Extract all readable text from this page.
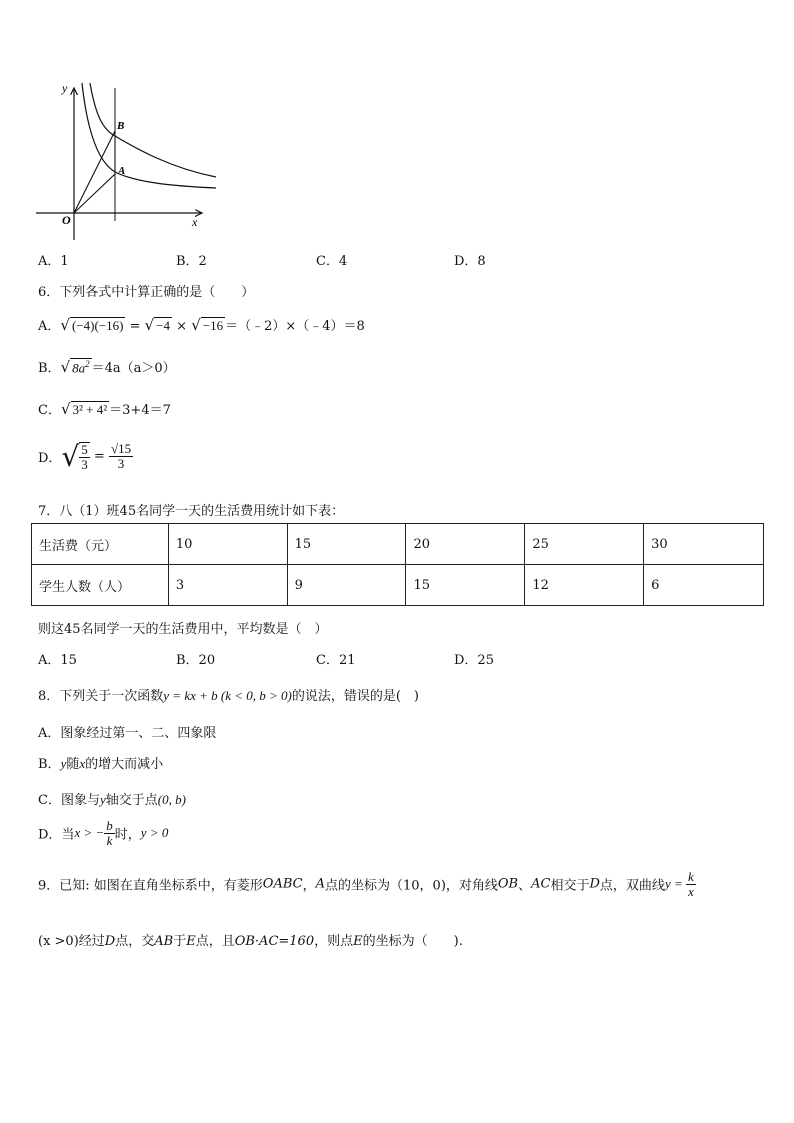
y
x
O
B
A
A．1	B．2	C．4	D．8
6．下列各式中计算正确的是（　　）
A．√ (−4)(−16) = √ −4 × √ −16 ＝（﹣2）×（﹣4）＝8
B．√ $8a^2 =4a(a>0)$
C．√ 3² + 4² ＝3+4＝7
D．√ $\frac{5}{3} = \frac{√15}{3}$
7．八（1）班45名同学一天的生活费用统计如下表：
生活费（元）	10	15	20	25	30
学生人数（人）	3	9	15	12	6
则这45名同学一天的生活费用中，平均数是（　）
A．15	B．20	C．21	D．25
8．下列关于一次函数y = kx + b (k < 0, b > 0)的说法，错误的是(　)
A．图象经过第一、二、四象限
B．y随x的增大而减小
C．图象与y轴交于点(0, b)
D．当x > − $\frac{b}{k}$ 时，y > 0
9．已知: 如图在直角坐标系中，有菱形OABC，A点的坐标为（10，0)，对角线OB、AC相交于D点，双曲线$y = \frac{k}{x}$
(x >0)经过D点，交AB于E点，且OB·AC=160，则点E的坐标为（　　).
